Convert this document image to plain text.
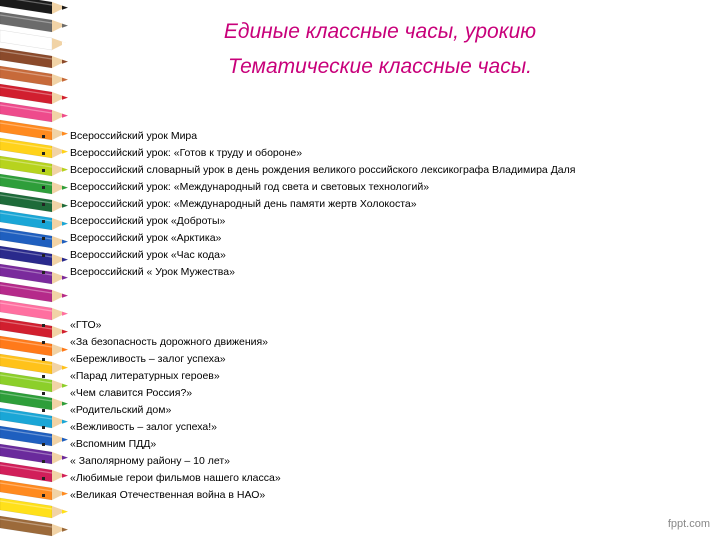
Единые классные часы, урокию
Тематические классные часы.
Всероссийский урок Мира
Всероссийский урок: «Готов к труду и обороне»
Всероссийский словарный урок в день рождения великого российского лексикографа Владимира Даля
Всероссийский урок: «Международный год света и световых технологий»
Всероссийский урок: «Международный день памяти жертв Холокоста»
Всероссийский урок «Доброты»
Всероссийский урок «Арктика»
Всероссийский урок «Час кода»
Всероссийский « Урок Мужества»
«ГТО»
«За безопасность дорожного движения»
«Бережливость – залог успеха»
«Парад литературных героев»
«Чем славится Россия?»
«Родительский дом»
«Вежливость – залог успеха!»
«Вспомним ПДД»
« Заполярному району – 10 лет»
«Любимые герои фильмов нашего класса»
«Великая Отечественная война в НАО»
fppt.com
